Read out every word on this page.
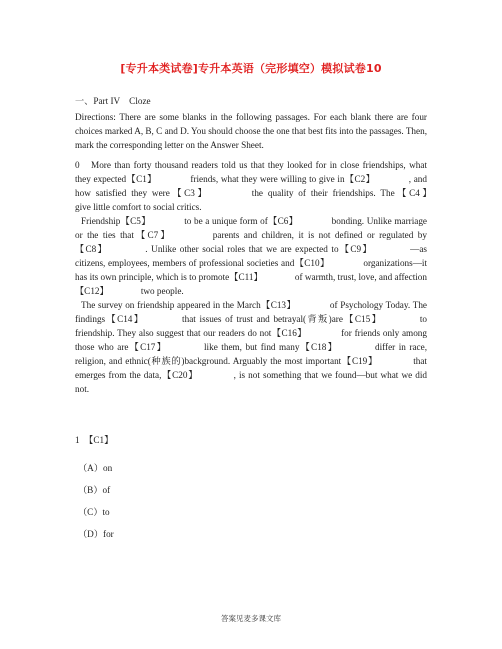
[专升本类试卷]专升本英语（完形填空）模拟试卷10
一、Part IV　Cloze
Directions: There are some blanks in the following passages. For each blank there are four choices marked A, B, C and D. You should choose the one that best fits into the passages. Then, mark the corresponding letter on the Answer Sheet.
0　More than forty thousand readers told us that they looked for in close friendships, what they expected【C1】　　　　friends, what they were willing to give in【C2】　　　　, and how satisfied they were【C3】　　　　the quality of their friendships. The【C4】　　　　give little comfort to social critics.
Friendship【C5】　　　　to be a unique form of【C6】　　　　bonding. Unlike marriage or the ties that【C7】　　　　parents and children, it is not defined or regulated by【C8】　　　　. Unlike other social roles that we are expected to【C9】　　　　—as citizens, employees, members of professional societies and【C10】　　　　organizations—it has its own principle, which is to promote【C11】　　　　of warmth, trust, love, and affection【C12】　　　　two people.
The survey on friendship appeared in the March【C13】　　　　of Psychology Today. The findings【C14】　　　　that issues of trust and betrayal(背叛)are【C15】　　　　to friendship. They also suggest that our readers do not【C16】　　　　for friends only among those who are【C17】　　　　like them, but find many【C18】　　　　differ in race, religion, and ethnic(种族的)background. Arguably the most important【C19】　　　　that emerges from the data,【C20】　　　　, is not something that we found—but what we did not.
1　【C1】
（A）on
（B）of
（C）to
（D）for
答案见麦多课文库
